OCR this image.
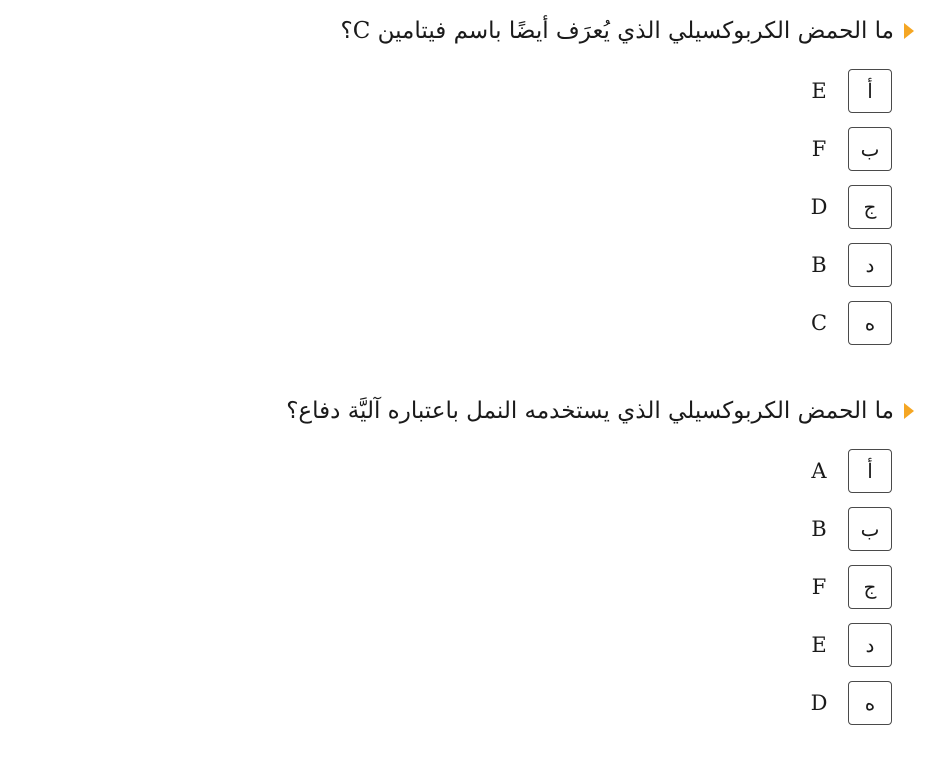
ما الحمض الكربوكسيلي الذي يُعرَف أيضًا باسم فيتامين C؟
أ
E
ب
F
ج
D
د
B
ه
C
ما الحمض الكربوكسيلي الذي يستخدمه النمل باعتباره آليَّة دفاع؟
أ
A
ب
B
ج
F
د
E
ه
D
